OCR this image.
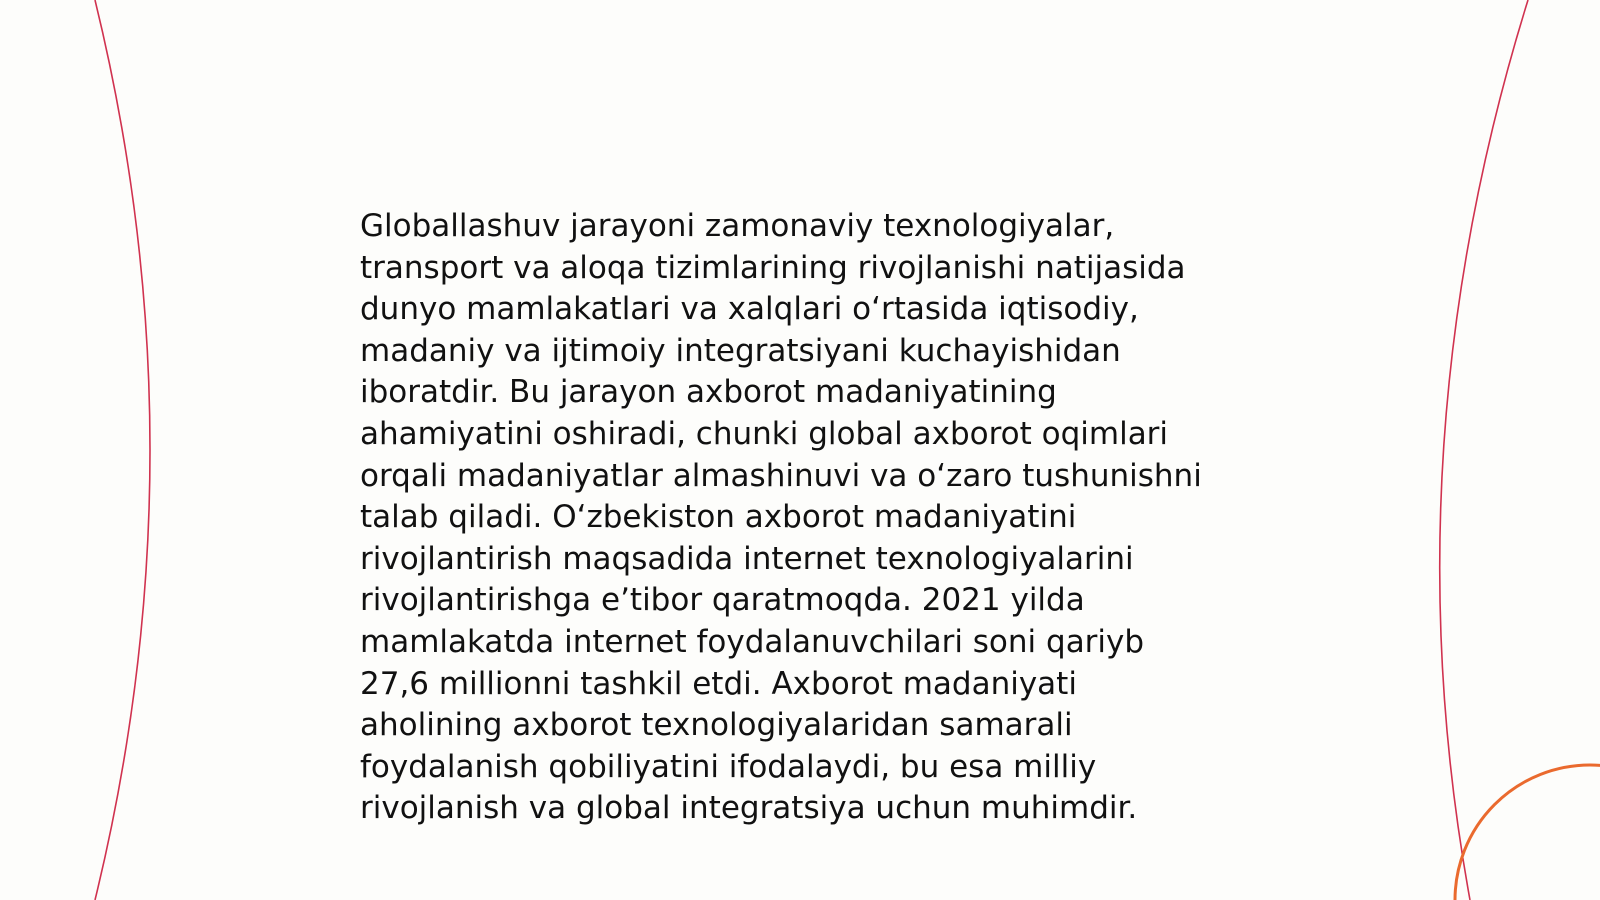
Globallashuv jarayoni zamonaviy texnologiyalar,
transport va aloqa tizimlarining rivojlanishi natijasida
dunyo mamlakatlari va xalqlari oʻrtasida iqtisodiy,
madaniy va ijtimoiy integratsiyani kuchayishidan
iboratdir. Bu jarayon axborot madaniyatining
ahamiyatini oshiradi, chunki global axborot oqimlari
orqali madaniyatlar almashinuvi va oʻzaro tushunishni
talab qiladi. Oʻzbekiston axborot madaniyatini
rivojlantirish maqsadida internet texnologiyalarini
rivojlantirishga e’tibor qaratmoqda. 2021 yilda
mamlakatda internet foydalanuvchilari soni qariyb
27,6 millionni tashkil etdi. Axborot madaniyati
aholining axborot texnologiyalaridan samarali
foydalanish qobiliyatini ifodalaydi, bu esa milliy
rivojlanish va global integratsiya uchun muhimdir.
